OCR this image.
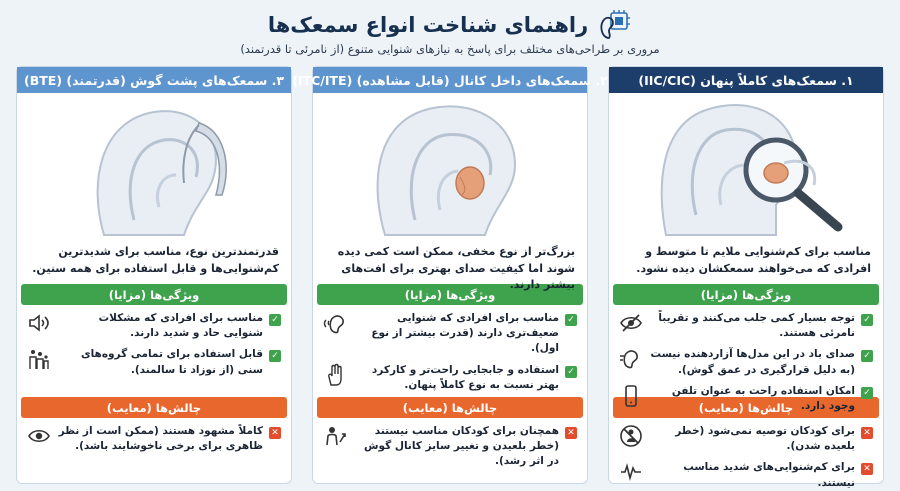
راهنمای شناخت انواع سمعک‌ها
مروری بر طراحی‌های مختلف برای پاسخ به نیازهای شنوایی متنوع (از نامرئی تا قدرتمند)
۱. سمعک‌های کاملاً پنهان (IIC/CIC)
مناسب برای کم‌شنوایی ملایم تا متوسط و افرادی که می‌خواهند سمعکشان دیده نشود.
ویژگی‌ها (مزایا)
✓
توجه بسیار کمی جلب می‌کنند و تقریباً نامرئی هستند.
✓
صدای باد در این مدل‌ها آزاردهنده نیست (به دلیل قرارگیری در عمق گوش).
✓
امکان استفاده راحت به عنوان تلفن وجود دارد.
چالش‌ها (معایب)
✕
برای کودکان توصیه نمی‌شود (خطر بلعیده شدن).
✕
برای کم‌شنوایی‌های شدید مناسب نیستند.
۲. سمعک‌های داخل کانال (قابل مشاهده) (ITC/ITE)
بزرگ‌تر از نوع مخفی، ممکن است کمی دیده شوند اما کیفیت صدای بهتری برای افت‌های بیشتر دارند.
ویژگی‌ها (مزایا)
✓
مناسب برای افرادی که شنوایی ضعیف‌تری دارند (قدرت بیشتر از نوع اول).
✓
استفاده و جابجایی راحت‌تر و کارکرد بهتر نسبت به نوع کاملاً پنهان.
چالش‌ها (معایب)
✕
همچنان برای کودکان مناسب نیستند (خطر بلعیدن و تغییر سایز کانال گوش در اثر رشد).
۳. سمعک‌های پشت گوش (قدرتمند) (BTE)
قدرتمندترین نوع، مناسب برای شدیدترین کم‌شنوایی‌ها و قابل استفاده برای همه سنین.
ویژگی‌ها (مزایا)
✓
مناسب برای افرادی که مشکلات شنوایی حاد و شدید دارند.
✓
قابل استفاده برای تمامی گروه‌های سنی (از نوزاد تا سالمند).
چالش‌ها (معایب)
✕
کاملاً مشهود هستند (ممکن است از نظر ظاهری برای برخی ناخوشایند باشد).
